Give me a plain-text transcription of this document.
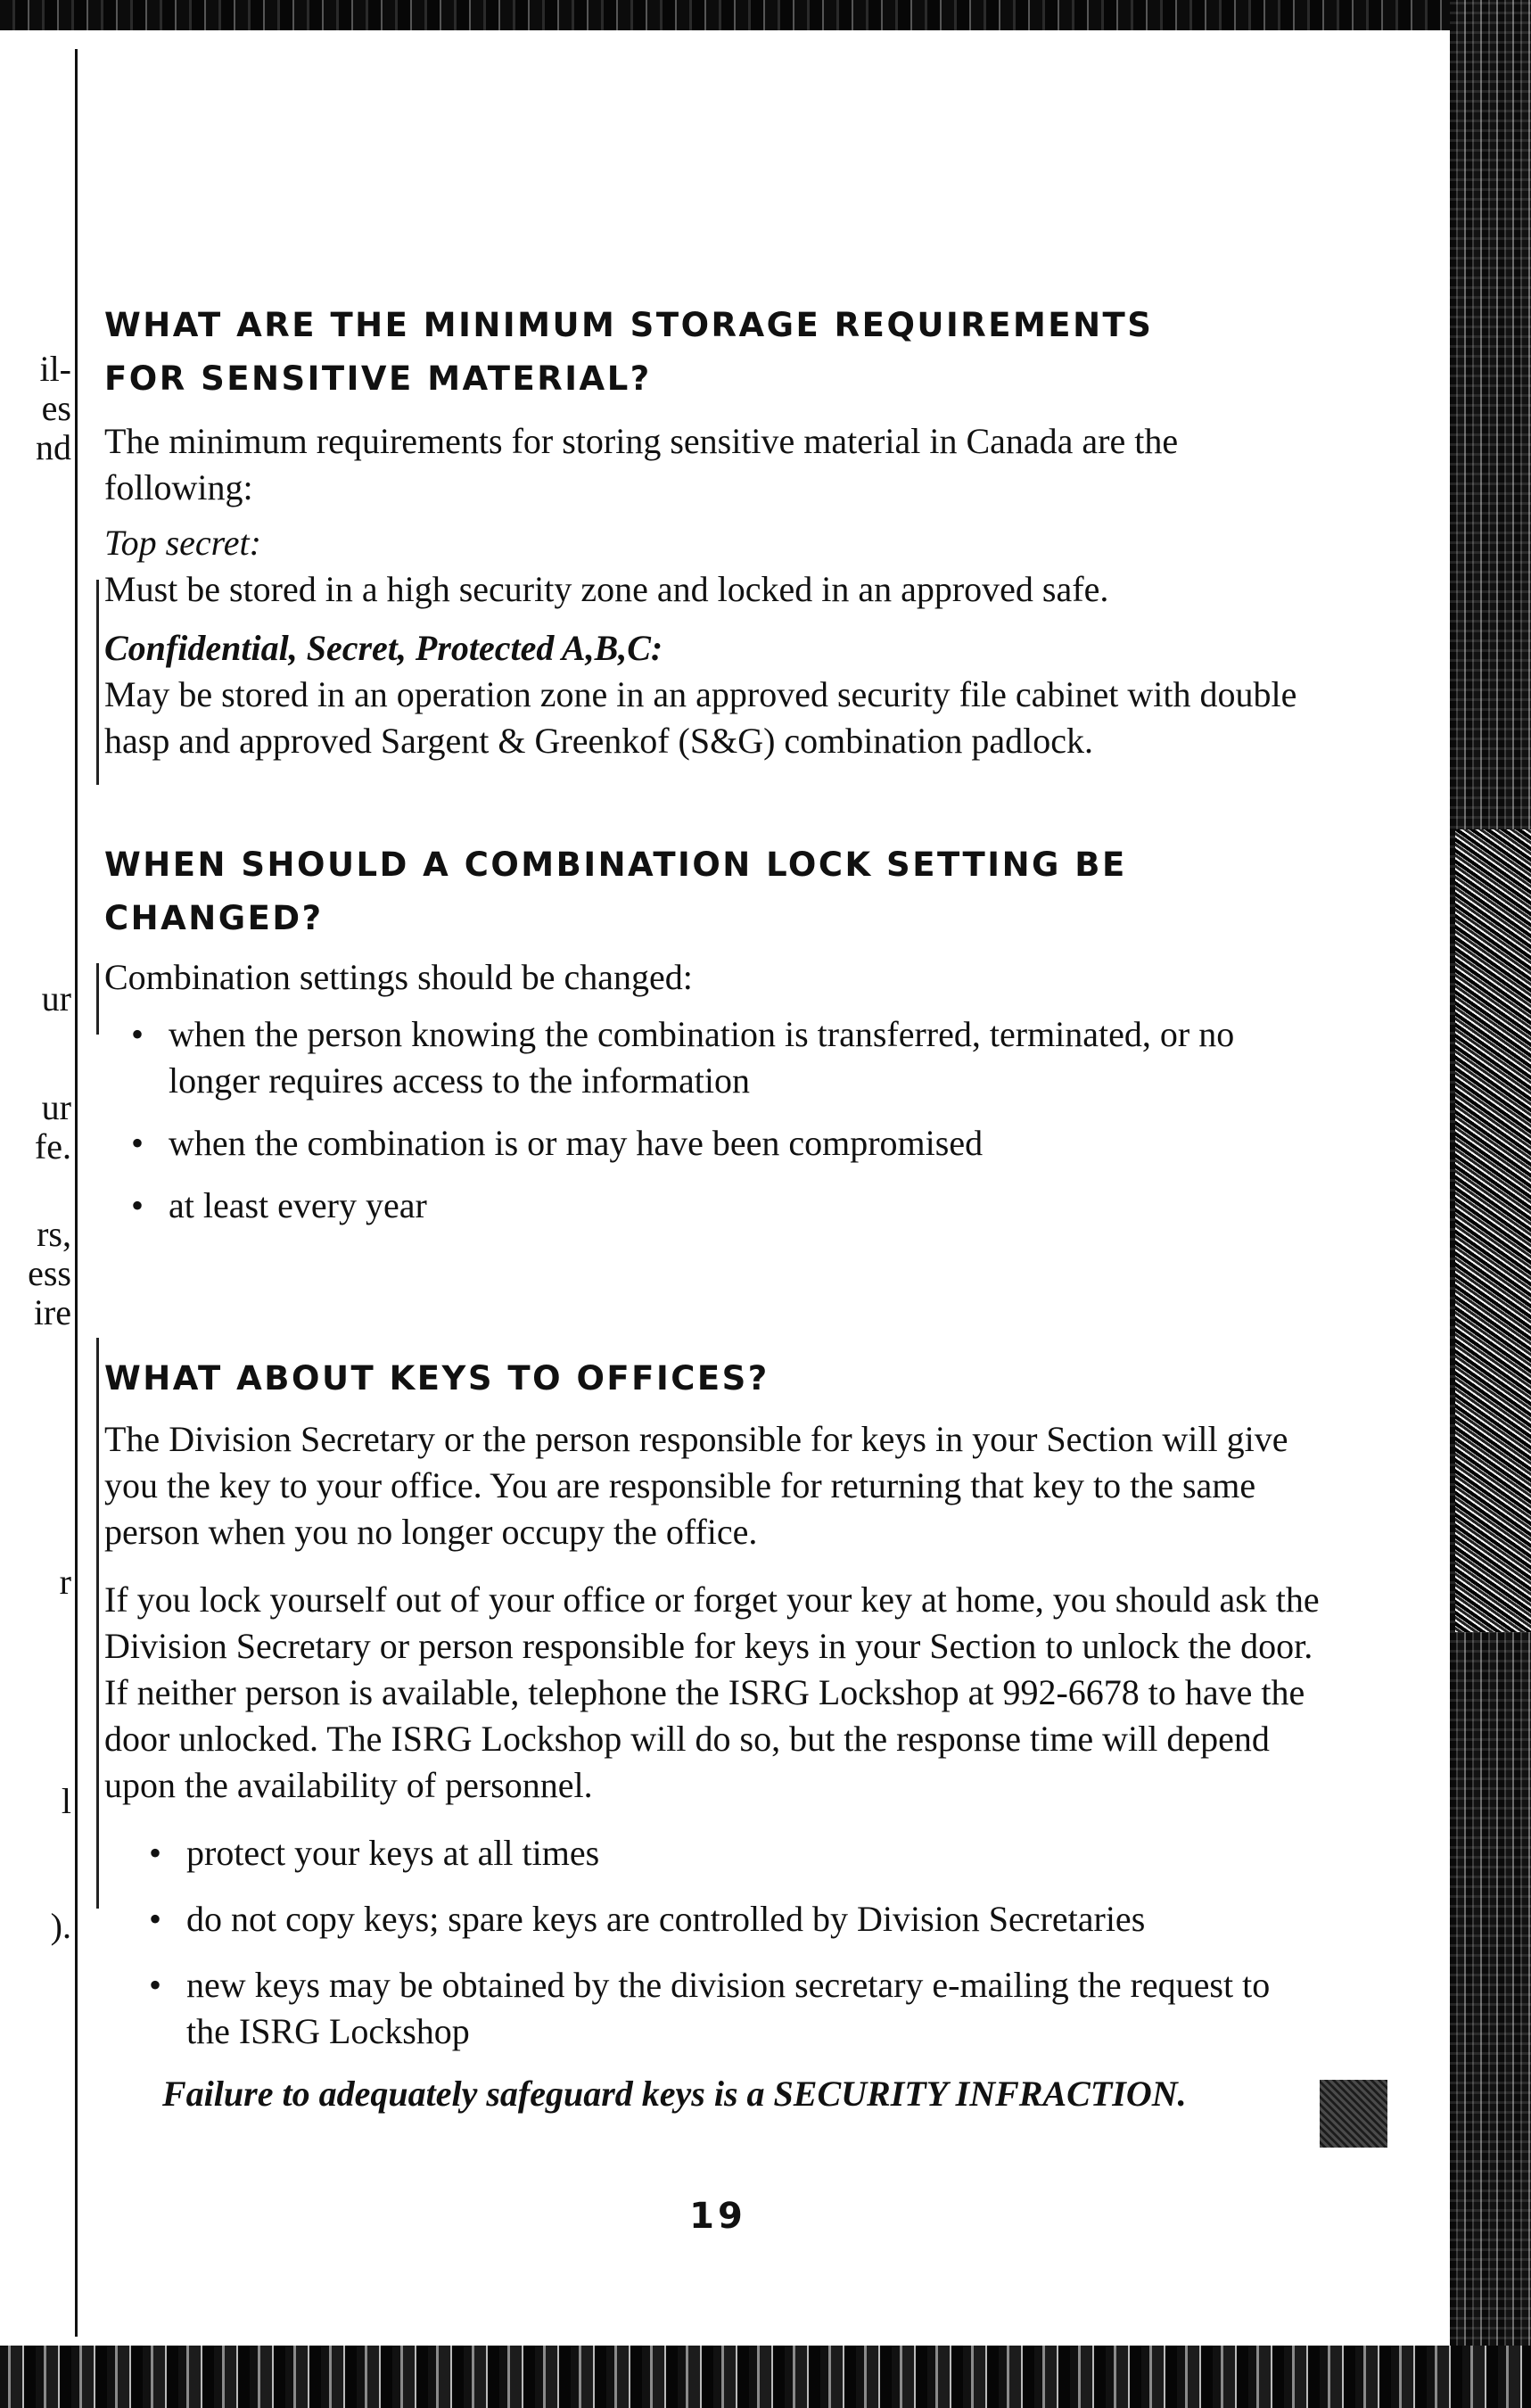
il-
es
nd
ur
ur
fe.
rs,
ess
ire
r
l
).
WHAT ARE THE MINIMUM STORAGE REQUIREMENTS
FOR SENSITIVE MATERIAL?

The minimum requirements for storing sensitive material in Canada are the following:

Top secret:

Must be stored in a high security zone and locked in an approved safe.

Confidential, Secret, Protected A,B,C:

May be stored in an operation zone in an approved security file cabinet with double
hasp and approved Sargent & Greenkof (S&G) combination padlock.

WHEN SHOULD A COMBINATION LOCK SETTING BE
CHANGED?

Combination settings should be changed:

• when the person knowing the combination is transferred, terminated, or no
longer requires access to the information
• when the combination is or may have been compromised
• at least every year
WHAT ABOUT KEYS TO OFFICES?

The Division Secretary or the person responsible for keys in your Section will give
you the key to your office. You are responsible for returning that key to the same
person when you no longer occupy the office.

If you lock yourself out of your office or forget your key at home, you should ask the
Division Secretary or person responsible for keys in your Section to unlock the door.
If neither person is available, telephone the ISRG Lockshop at 992-6678 to have the
door unlocked. The ISRG Lockshop will do so, but the response time will depend
upon the availability of personnel.

• protect your keys at all times
• do not copy keys; spare keys are controlled by Division Secretaries
• new keys may be obtained by the division secretary e-mailing the request to
the ISRG Lockshop

Failure to adequately safeguard keys is a SECURITY INFRACTION.

19
